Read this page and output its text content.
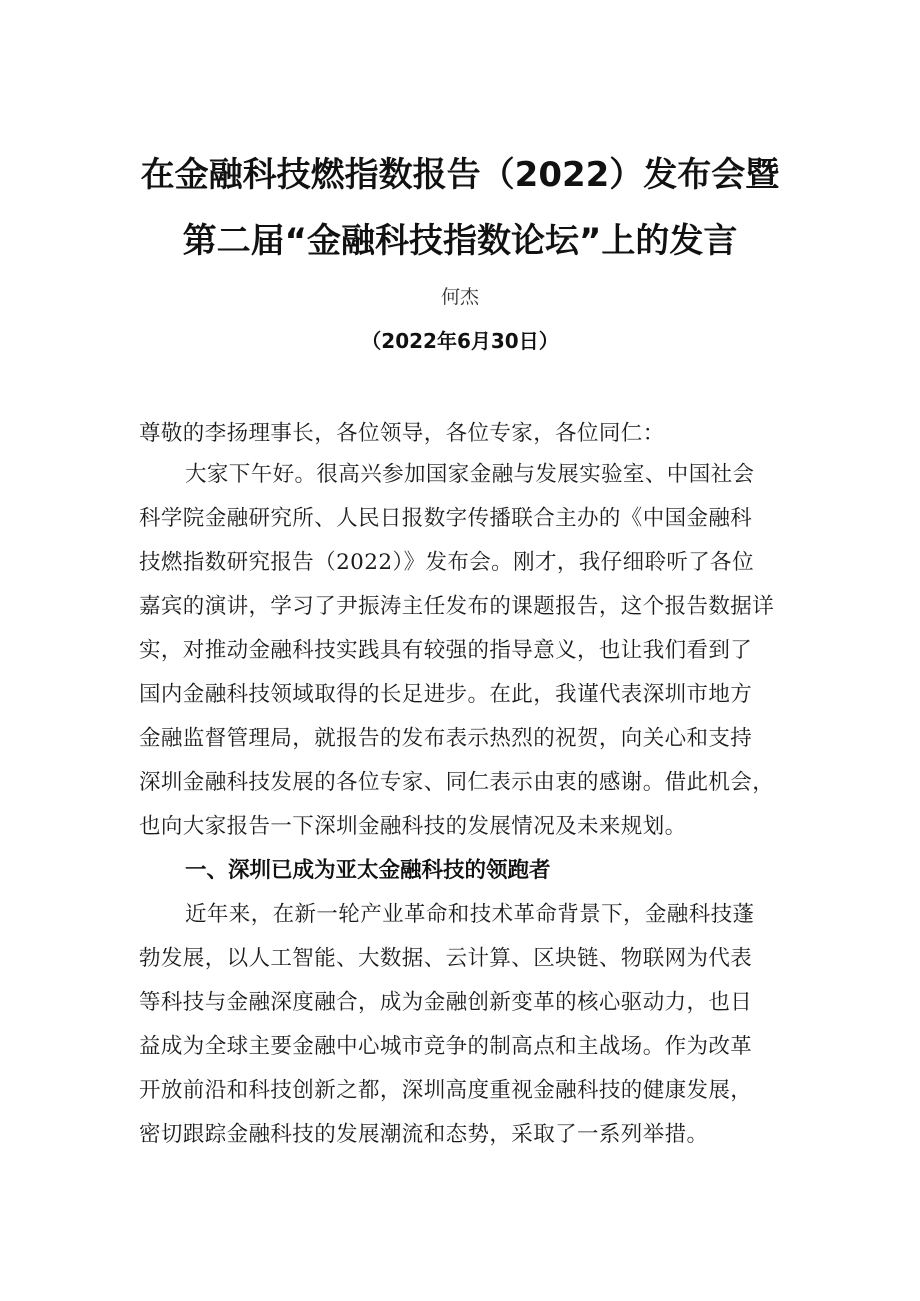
在金融科技燃指数报告（2022）发布会暨
第二届“金融科技指数论坛”上的发言
何杰
（2022年6月30日）
尊敬的李扬理事长，各位领导，各位专家，各位同仁：
大家下午好。很高兴参加国家金融与发展实验室、中国社会
科学院金融研究所、人民日报数字传播联合主办的《中国金融科
技燃指数研究报告（2022）》发布会。刚才，我仔细聆听了各位
嘉宾的演讲，学习了尹振涛主任发布的课题报告，这个报告数据详
实，对推动金融科技实践具有较强的指导意义，也让我们看到了
国内金融科技领域取得的长足进步。在此，我谨代表深圳市地方
金融监督管理局，就报告的发布表示热烈的祝贺，向关心和支持
深圳金融科技发展的各位专家、同仁表示由衷的感谢。借此机会，
也向大家报告一下深圳金融科技的发展情况及未来规划。
一、深圳已成为亚太金融科技的领跑者
近年来，在新一轮产业革命和技术革命背景下，金融科技蓬
勃发展，以人工智能、大数据、云计算、区块链、物联网为代表
等科技与金融深度融合，成为金融创新变革的核心驱动力，也日
益成为全球主要金融中心城市竞争的制高点和主战场。作为改革
开放前沿和科技创新之都，深圳高度重视金融科技的健康发展，
密切跟踪金融科技的发展潮流和态势，采取了一系列举措。
